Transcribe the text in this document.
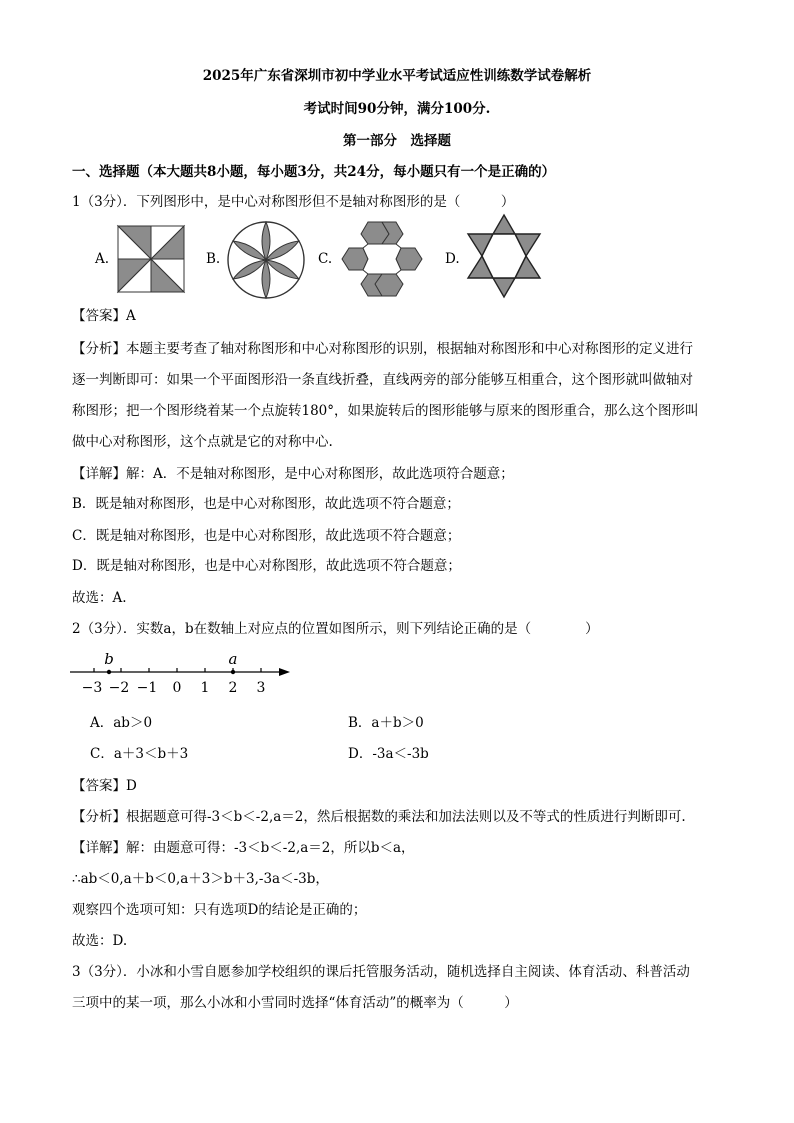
2025年广东省深圳市初中学业水平考试适应性训练数学试卷解析
考试时间90分钟，满分100分.
第一部分　选择题
一、选择题（本大题共8小题，每小题3分，共24分，每小题只有一个是正确的）
1（3分）．下列图形中，是中心对称图形但不是轴对称图形的是（　　　）
A.	B.	C.	D.
【答案】A
【分析】本题主要考查了轴对称图形和中心对称图形的识别，根据轴对称图形和中心对称图形的定义进行
逐一判断即可：如果一个平面图形沿一条直线折叠，直线两旁的部分能够互相重合，这个图形就叫做轴对
称图形；把一个图形绕着某一个点旋转180°，如果旋转后的图形能够与原来的图形重合，那么这个图形叫
做中心对称图形，这个点就是它的对称中心.
【详解】解：A．不是轴对称图形，是中心对称图形，故此选项符合题意；
B．既是轴对称图形，也是中心对称图形，故此选项不符合题意；
C．既是轴对称图形，也是中心对称图形，故此选项不符合题意；
D．既是轴对称图形，也是中心对称图形，故此选项不符合题意；
故选：A.
2（3分）．实数a，b在数轴上对应点的位置如图所示，则下列结论正确的是（　　　　）
b	a
−3 −2 −1 0 1 2 3
A．ab＞0	B．a＋b＞0
C．a＋3＜b＋3	D．-3a＜-3b
【答案】D
【分析】根据题意可得-3＜b＜-2,a＝2，然后根据数的乘法和加法法则以及不等式的性质进行判断即可.
【详解】解：由题意可得：-3＜b＜-2,a＝2，所以b＜a，
∴ab＜0,a＋b＜0,a＋3＞b＋3,-3a＜-3b，
观察四个选项可知：只有选项D的结论是正确的；
故选：D.
3（3分）．小冰和小雪自愿参加学校组织的课后托管服务活动，随机选择自主阅读、体育活动、科普活动
三项中的某一项，那么小冰和小雪同时选择“体育活动”的概率为（　　　）
